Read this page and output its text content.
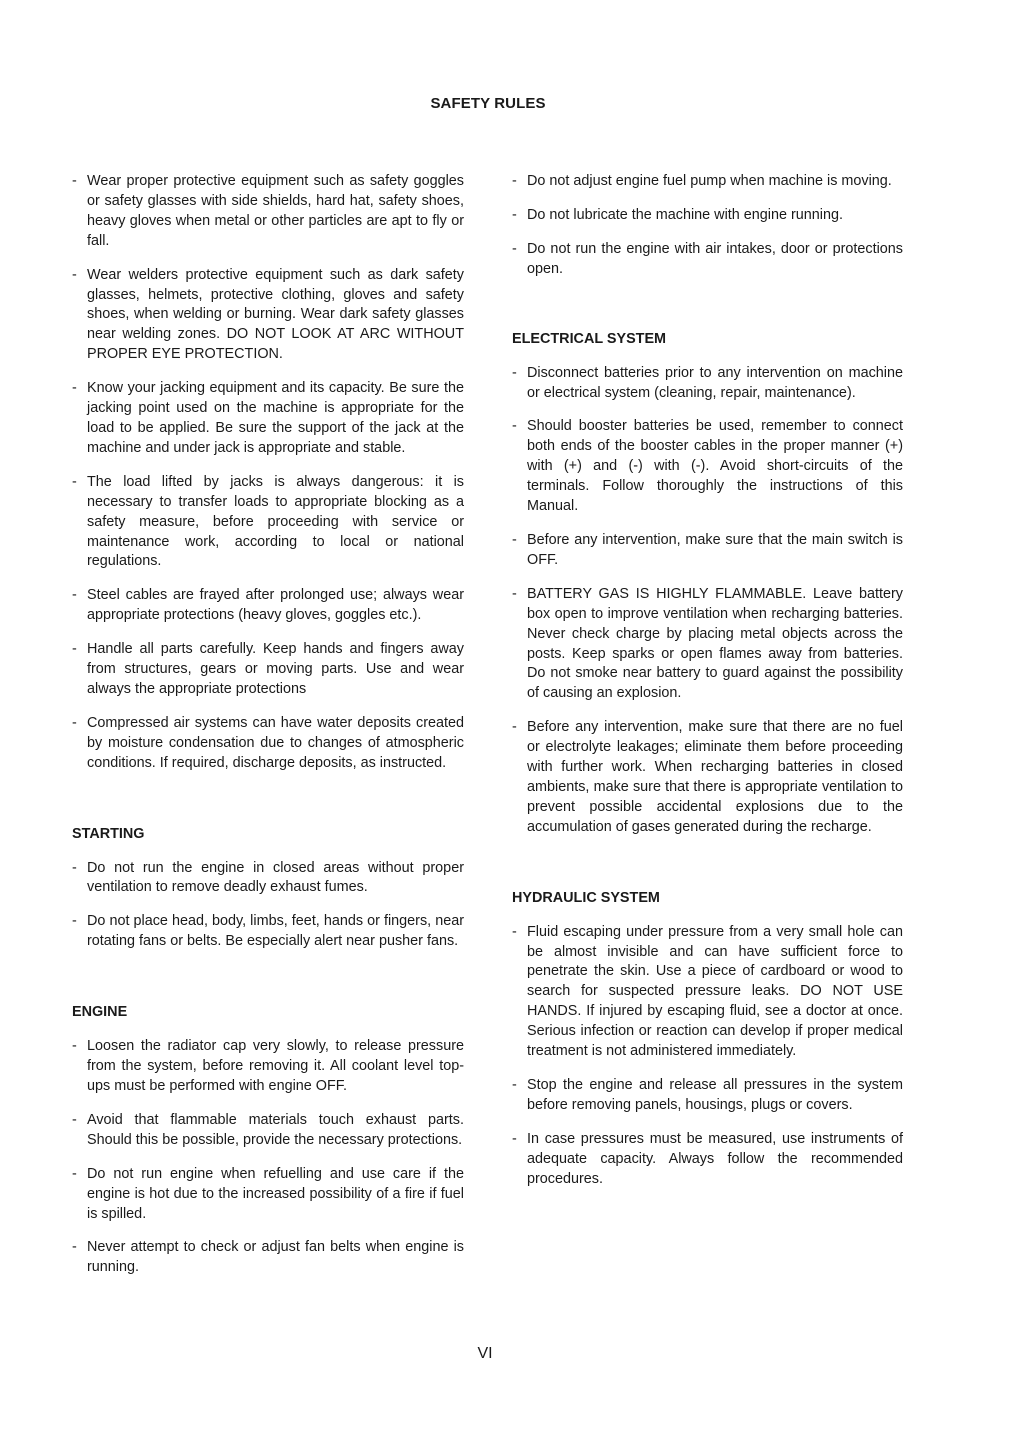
SAFETY RULES
- Wear proper protective equipment such as safety goggles or safety glasses with side shields, hard hat, safety shoes, heavy gloves when metal or other particles are apt to fly or fall.
- Wear welders protective equipment such as dark safety glasses, helmets, protective clothing, gloves and safety shoes, when welding or burning. Wear dark safety glasses near welding zones. DO NOT LOOK AT ARC WITHOUT PROPER EYE PROTECTION.
- Know your jacking equipment and its capacity. Be sure the jacking point used on the machine is appropriate for the load to be applied. Be sure the support of the jack at the machine and under jack is appropriate and stable.
- The load lifted by jacks is always dangerous: it is necessary to transfer loads to appropriate blocking as a safety measure, before proceeding with service or maintenance work, according to local or national regulations.
- Steel cables are frayed after prolonged use; always wear appropriate protections (heavy gloves, goggles etc.).
- Handle all parts carefully. Keep hands and fingers away from structures, gears or moving parts. Use and wear always the appropriate protections
- Compressed air systems can have water deposits created by moisture condensation due to changes of atmospheric conditions. If required, discharge deposits, as instructed.
STARTING
- Do not run the engine in closed areas without proper ventilation to remove deadly exhaust fumes.
- Do not place head, body, limbs, feet, hands or fingers, near rotating fans or belts. Be especially alert near pusher fans.
ENGINE
- Loosen the radiator cap very slowly, to release pressure from the system, before removing it. All coolant level top-ups must be performed with engine OFF.
- Avoid that flammable materials touch exhaust parts. Should this be possible, provide the necessary protections.
- Do not run engine when refuelling and use care if the engine is hot due to the increased possibility of a fire if fuel is spilled.
- Never attempt to check or adjust fan belts when engine is running.
- Do not adjust engine fuel pump when machine is moving.
- Do not lubricate the machine with engine running.
- Do not run the engine with air intakes, door or protections open.
ELECTRICAL SYSTEM
- Disconnect batteries prior to any intervention on machine or electrical system (cleaning, repair, maintenance).
- Should booster batteries be used, remember to connect both ends of the booster cables in the proper manner (+) with (+) and (-) with (-). Avoid short-circuits of the terminals. Follow thoroughly the instructions of this Manual.
- Before any intervention, make sure that the main switch is OFF.
- BATTERY GAS IS HIGHLY FLAMMABLE. Leave battery box open to improve ventilation when recharging batteries. Never check charge by placing metal objects across the posts. Keep sparks or open flames away from batteries. Do not smoke near battery to guard against the possibility of causing an explosion.
- Before any intervention, make sure that there are no fuel or electrolyte leakages; eliminate them before proceeding with further work. When recharging batteries in closed ambients, make sure that there is appropriate ventilation to prevent possible accidental explosions due to the accumulation of gases generated during the recharge.
HYDRAULIC SYSTEM
- Fluid escaping under pressure from a very small hole can be almost invisible and can have sufficient force to penetrate the skin. Use a piece of cardboard or wood to search for suspected pressure leaks. DO NOT USE HANDS. If injured by escaping fluid, see a doctor at once. Serious infection or reaction can develop if proper medical treatment is not administered immediately.
- Stop the engine and release all pressures in the system before removing panels, housings, plugs or covers.
- In case pressures must be measured, use instruments of adequate capacity. Always follow the recommended procedures.
VI
